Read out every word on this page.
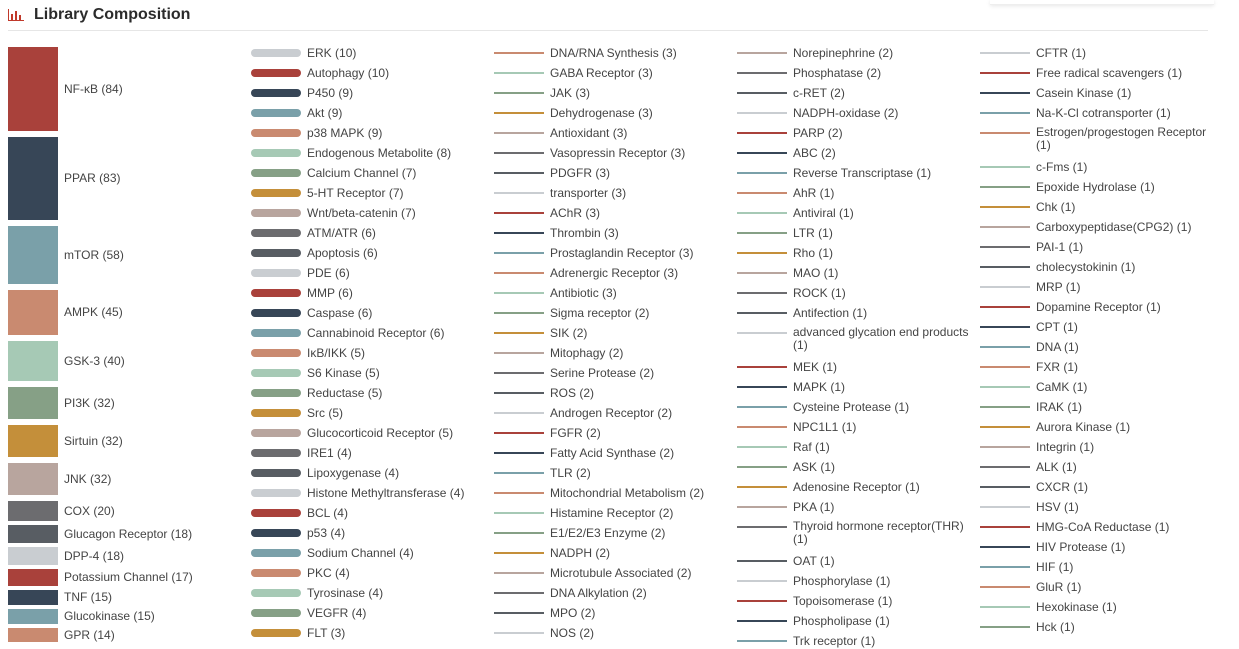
Library Composition
NF-κB ( 84 )
PPAR ( 83 )
mTOR ( 58 )
AMPK ( 45 )
GSK-3 ( 40 )
PI3K ( 32 )
Sirtuin ( 32 )
JNK ( 32 )
COX ( 20 )
Glucagon Receptor ( 18 )
DPP-4 ( 18 )
Potassium Channel ( 17 )
TNF ( 15 )
Glucokinase ( 15 )
GPR ( 14 )
ERK ( 10 )
Autophagy ( 10 )
P450 ( 9 )
Akt ( 9 )
p38 MAPK ( 9 )
Endogenous Metabolite ( 8 )
Calcium Channel ( 7 )
5-HT Receptor ( 7 )
Wnt/beta-catenin ( 7 )
ATM/ATR ( 6 )
Apoptosis ( 6 )
PDE ( 6 )
MMP ( 6 )
Caspase ( 6 )
Cannabinoid Receptor ( 6 )
IκB/IKK ( 5 )
S6 Kinase ( 5 )
Reductase ( 5 )
Src ( 5 )
Glucocorticoid Receptor ( 5 )
IRE1 ( 4 )
Lipoxygenase ( 4 )
Histone Methyltransferase ( 4 )
BCL ( 4 )
p53 ( 4 )
Sodium Channel ( 4 )
PKC ( 4 )
Tyrosinase ( 4 )
VEGFR ( 4 )
FLT ( 3 )
DNA/RNA Synthesis ( 3 )
GABA Receptor ( 3 )
JAK ( 3 )
Dehydrogenase ( 3 )
Antioxidant ( 3 )
Vasopressin Receptor ( 3 )
PDGFR ( 3 )
transporter ( 3 )
AChR ( 3 )
Thrombin ( 3 )
Prostaglandin Receptor ( 3 )
Adrenergic Receptor ( 3 )
Antibiotic ( 3 )
Sigma receptor ( 2 )
SIK ( 2 )
Mitophagy ( 2 )
Serine Protease ( 2 )
ROS ( 2 )
Androgen Receptor ( 2 )
FGFR ( 2 )
Fatty Acid Synthase ( 2 )
TLR ( 2 )
Mitochondrial Metabolism ( 2 )
Histamine Receptor ( 2 )
E1/E2/E3 Enzyme ( 2 )
NADPH ( 2 )
Microtubule Associated ( 2 )
DNA Alkylation ( 2 )
MPO ( 2 )
NOS ( 2 )
Norepinephrine ( 2 )
Phosphatase ( 2 )
c-RET ( 2 )
NADPH-oxidase ( 2 )
PARP ( 2 )
ABC ( 2 )
Reverse Transcriptase ( 1 )
AhR ( 1 )
Antiviral ( 1 )
LTR ( 1 )
Rho ( 1 )
MAO ( 1 )
ROCK ( 1 )
Antifection ( 1 )
advanced glycation end products ( 1 )
MEK ( 1 )
MAPK ( 1 )
Cysteine Protease ( 1 )
NPC1L1 ( 1 )
Raf ( 1 )
ASK ( 1 )
Adenosine Receptor ( 1 )
PKA ( 1 )
Thyroid hormone receptor(THR) ( 1 )
OAT ( 1 )
Phosphorylase ( 1 )
Topoisomerase ( 1 )
Phospholipase ( 1 )
Trk receptor ( 1 )
CFTR ( 1 )
Free radical scavengers ( 1 )
Casein Kinase ( 1 )
Na-K-Cl cotransporter ( 1 )
Estrogen/progestogen Receptor ( 1 )
c-Fms ( 1 )
Epoxide Hydrolase ( 1 )
Chk ( 1 )
Carboxypeptidase(CPG2) ( 1 )
PAI-1 ( 1 )
cholecystokinin ( 1 )
MRP ( 1 )
Dopamine Receptor ( 1 )
CPT ( 1 )
DNA ( 1 )
FXR ( 1 )
CaMK ( 1 )
IRAK ( 1 )
Aurora Kinase ( 1 )
Integrin ( 1 )
ALK ( 1 )
CXCR ( 1 )
HSV ( 1 )
HMG-CoA Reductase ( 1 )
HIV Protease ( 1 )
HIF ( 1 )
GluR ( 1 )
Hexokinase ( 1 )
Hck ( 1 )
